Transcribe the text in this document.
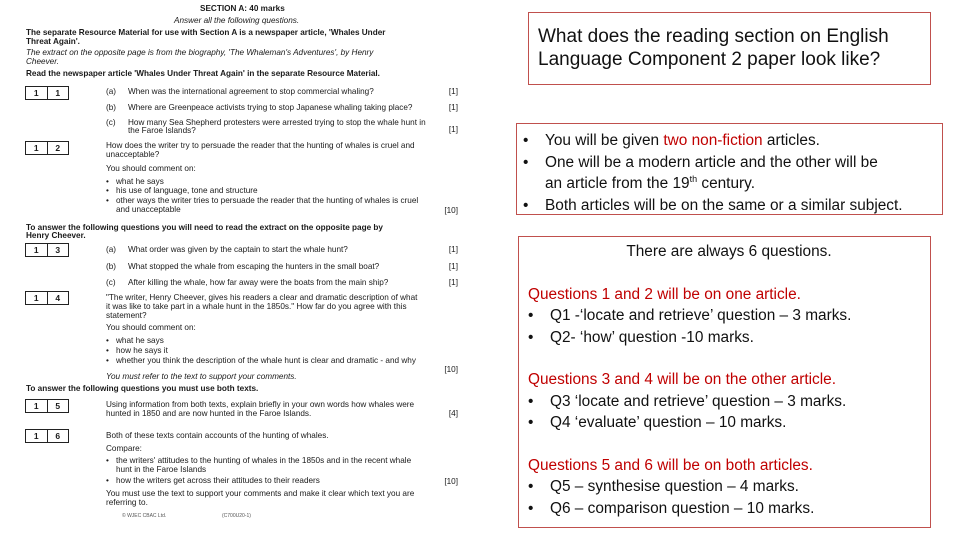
SECTION A: 40 marks
Answer all the following questions.
The separate Resource Material for use with Section A is a newspaper article, 'Whales Under
Threat Again'.
The extract on the opposite page is from the biography, 'The Whaleman's Adventures', by Henry
Cheever.
Read the newspaper article 'Whales Under Threat Again' in the separate Resource Material.
1	1	(a) When was the international agreement to stop commercial whaling?	[1]
(b) Where are Greenpeace activists trying to stop Japanese whaling taking place?	[1]
(c) How many Sea Shepherd protesters were arrested trying to stop the whale hunt in
the Faroe Islands?	[1]
1	2	How does the writer try to persuade the reader that the hunting of whales is cruel and
unacceptable?
You should comment on:
• what he says
• his use of language, tone and structure
• other ways the writer tries to persuade the reader that the hunting of whales is cruel
and unacceptable	[10]
To answer the following questions you will need to read the extract on the opposite page by
Henry Cheever.
1	3	(a) What order was given by the captain to start the whale hunt?	[1]
(b) What stopped the whale from escaping the hunters in the small boat?	[1]
(c) After killing the whale, how far away were the boats from the main ship?	[1]
1	4	"The writer, Henry Cheever, gives his readers a clear and dramatic description of what
it was like to take part in a whale hunt in the 1850s." How far do you agree with this
statement?
You should comment on:
• what he says
• how he says it
• whether you think the description of the whale hunt is clear and dramatic - and why
[10]
You must refer to the text to support your comments.
To answer the following questions you must use both texts.
1	5	Using information from both texts, explain briefly in your own words how whales were
hunted in 1850 and are now hunted in the Faroe Islands.	[4]
1	6	Both of these texts contain accounts of the hunting of whales.
Compare:
• the writers' attitudes to the hunting of whales in the 1850s and in the recent whale
hunt in the Faroe Islands
• how the writers get across their attitudes to their readers	[10]
You must use the text to support your comments and make it clear which text you are
referring to.
© WJEC CBAC Ltd.	(C700U20-1)
What does the reading section on English
Language Component 2 paper look like?
• You will be given two non-fiction articles.
• One will be a modern article and the other will be
an article from the 19th century.
• Both articles will be on the same or a similar subject.
There are always 6 questions.
Questions 1 and 2 will be on one article.
• Q1 -‘locate and retrieve’ question – 3 marks.
• Q2- ‘how’ question -10 marks.
Questions 3 and 4 will be on the other article.
• Q3 ‘locate and retrieve’ question – 3 marks.
• Q4 ‘evaluate’ question – 10 marks.
Questions 5 and 6 will be on both articles.
• Q5 – synthesise question – 4 marks.
• Q6 – comparison question – 10 marks.
